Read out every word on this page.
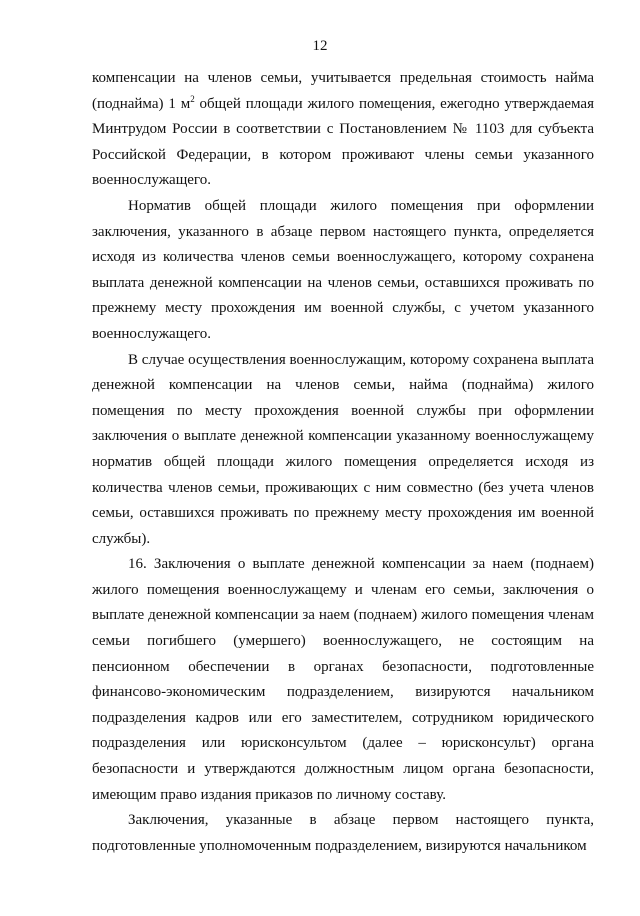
12

компенсации на членов семьи, учитывается предельная стоимость найма (поднайма) 1 $м^2$ общей площади жилого помещения, ежегодно утверждаемая Минтрудом России в соответствии с Постановлением № 1103 для субъекта Российской Федерации, в котором проживают члены семьи указанного военнослужащего.

Норматив общей площади жилого помещения при оформлении заключения, указанного в абзаце первом настоящего пункта, определяется исходя из количества членов семьи военнослужащего, которому сохранена выплата денежной компенсации на членов семьи, оставшихся проживать по прежнему месту прохождения им военной службы, с учетом указанного военнослужащего.

В случае осуществления военнослужащим, которому сохранена выплата денежной компенсации на членов семьи, найма (поднайма) жилого помещения по месту прохождения военной службы при оформлении заключения о выплате денежной компенсации указанному военнослужащему норматив общей площади жилого помещения определяется исходя из количества членов семьи, проживающих с ним совместно (без учета членов семьи, оставшихся проживать по прежнему месту прохождения им военной службы).

16. Заключения о выплате денежной компенсации за наем (поднаем) жилого помещения военнослужащему и членам его семьи, заключения о выплате денежной компенсации за наем (поднаем) жилого помещения членам семьи погибшего (умершего) военнослужащего, не состоящим на пенсионном обеспечении в органах безопасности, подготовленные финансово-экономическим подразделением, визируются начальником подразделения кадров или его заместителем, сотрудником юридического подразделения или юрисконсультом (далее – юрисконсульт) органа безопасности и утверждаются должностным лицом органа безопасности, имеющим право издания приказов по личному составу.

Заключения, указанные в абзаце первом настоящего пункта, подготовленные уполномоченным подразделением, визируются начальником
